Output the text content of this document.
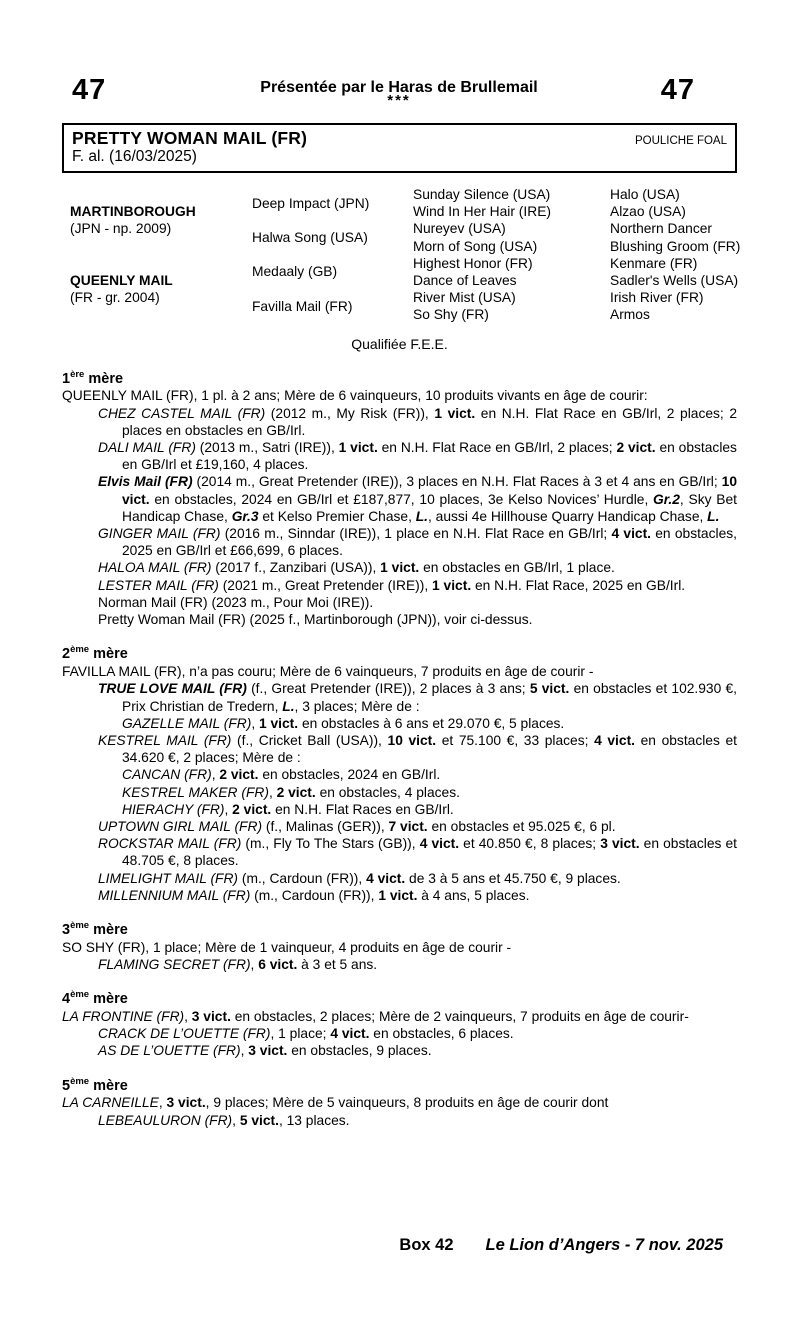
47	Présentée par le Haras de Brullemail
***	47
PRETTY WOMAN MAIL (FR)	POULICHE FOAL
F. al. (16/03/2025)
MARTINBOROUGH
(JPN - np. 2009)	Deep Impact (JPN)	Sunday Silence (USA)	Halo (USA)
		Wind In Her Hair (IRE)	Alzao (USA)
	Halwa Song (USA)	Nureyev (USA)	Northern Dancer
		Morn of Song (USA)	Blushing Groom (FR)

QUEENLY MAIL
(FR - gr. 2004)	Medaaly (GB)	Highest Honor (FR)	Kenmare (FR)
		Dance of Leaves	Sadler's Wells (USA)
	Favilla Mail (FR)	River Mist (USA)	Irish River (FR)
		So Shy (FR)	Armos
Qualifiée F.E.E.
1ère mère

QUEENLY MAIL (FR), 1 pl. à 2 ans; Mère de 6 vainqueurs, 10 produits vivants en âge de courir:

CHEZ CASTEL MAIL (FR) (2012 m., My Risk (FR)), 1 vict. en N.H. Flat Race en GB/Irl, 2 places; 2 places en obstacles en GB/Irl.

DALI MAIL (FR) (2013 m., Satri (IRE)), 1 vict. en N.H. Flat Race en GB/Irl, 2 places; 2 vict. en obstacles en GB/Irl et £19,160, 4 places.

Elvis Mail (FR) (2014 m., Great Pretender (IRE)), 3 places en N.H. Flat Races à 3 et 4 ans en GB/Irl; 10 vict. en obstacles, 2024 en GB/Irl et £187,877, 10 places, 3e Kelso Novices’ Hurdle, Gr.2, Sky Bet Handicap Chase, Gr.3 et Kelso Premier Chase, L., aussi 4e Hillhouse Quarry Handicap Chase, L.

GINGER MAIL (FR) (2016 m., Sinndar (IRE)), 1 place en N.H. Flat Race en GB/Irl; 4 vict. en obstacles, 2025 en GB/Irl et £66,699, 6 places.

HALOA MAIL (FR) (2017 f., Zanzibari (USA)), 1 vict. en obstacles en GB/Irl, 1 place.

LESTER MAIL (FR) (2021 m., Great Pretender (IRE)), 1 vict. en N.H. Flat Race, 2025 en GB/Irl.

Norman Mail (FR) (2023 m., Pour Moi (IRE)).

Pretty Woman Mail (FR) (2025 f., Martinborough (JPN)), voir ci-dessus.

2ème mère

FAVILLA MAIL (FR), n’a pas couru; Mère de 6 vainqueurs, 7 produits en âge de courir -

TRUE LOVE MAIL (FR) (f., Great Pretender (IRE)), 2 places à 3 ans; 5 vict. en obstacles et 102.930 €, Prix Christian de Tredern, L., 3 places; Mère de :

GAZELLE MAIL (FR), 1 vict. en obstacles à 6 ans et 29.070 €, 5 places.

KESTREL MAIL (FR) (f., Cricket Ball (USA)), 10 vict. et 75.100 €, 33 places; 4 vict. en obstacles et 34.620 €, 2 places; Mère de :

CANCAN (FR), 2 vict. en obstacles, 2024 en GB/Irl.

KESTREL MAKER (FR), 2 vict. en obstacles, 4 places.

HIERACHY (FR), 2 vict. en N.H. Flat Races en GB/Irl.

UPTOWN GIRL MAIL (FR) (f., Malinas (GER)), 7 vict. en obstacles et 95.025 €, 6 pl.

ROCKSTAR MAIL (FR) (m., Fly To The Stars (GB)), 4 vict. et 40.850 €, 8 places; 3 vict. en obstacles et 48.705 €, 8 places.

LIMELIGHT MAIL (FR) (m., Cardoun (FR)), 4 vict. de 3 à 5 ans et 45.750 €, 9 places.

MILLENNIUM MAIL (FR) (m., Cardoun (FR)), 1 vict. à 4 ans, 5 places.

3ème mère

SO SHY (FR), 1 place; Mère de 1 vainqueur, 4 produits en âge de courir -

FLAMING SECRET (FR), 6 vict. à 3 et 5 ans.

4ème mère

LA FRONTINE (FR), 3 vict. en obstacles, 2 places; Mère de 2 vainqueurs, 7 produits en âge de courir-

CRACK DE L’OUETTE (FR), 1 place; 4 vict. en obstacles, 6 places.

AS DE L’OUETTE (FR), 3 vict. en obstacles, 9 places.

5ème mère

LA CARNEILLE, 3 vict., 9 places; Mère de 5 vainqueurs, 8 produits en âge de courir dont

LEBEAULURON (FR), 5 vict., 13 places.

Box 42 Le Lion d’Angers - 7 nov. 2025
